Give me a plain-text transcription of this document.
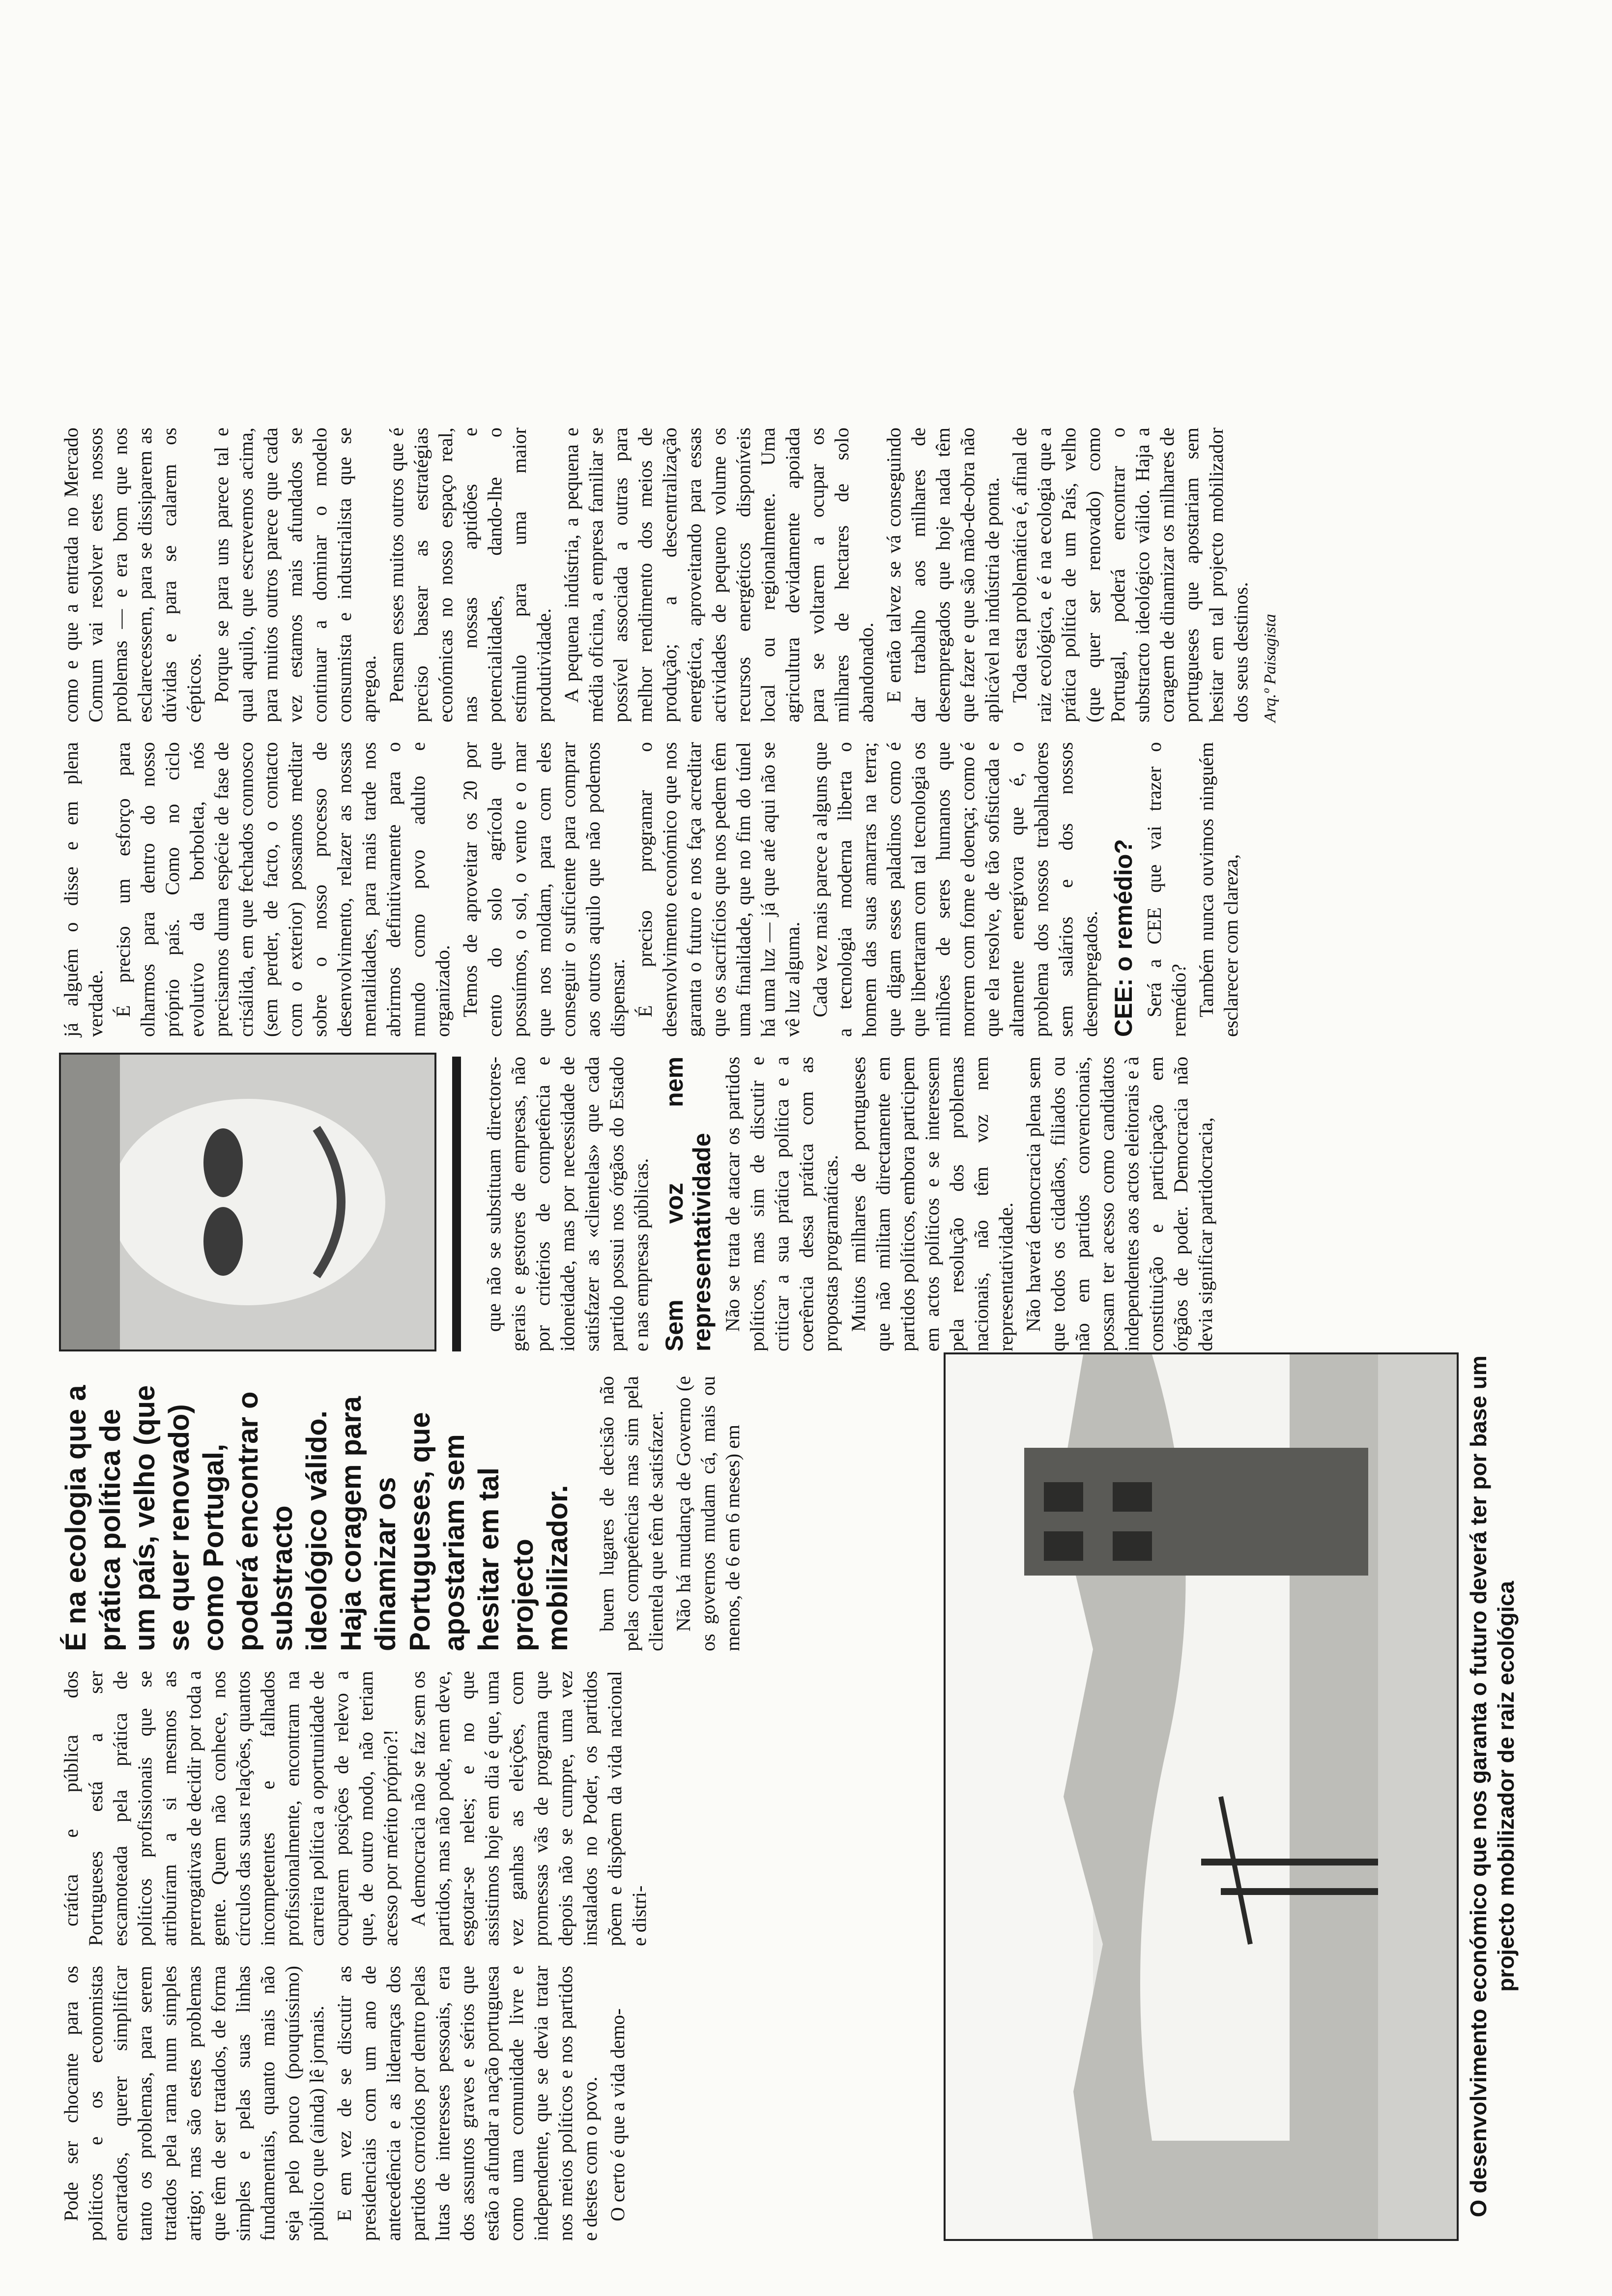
Pode ser chocante para os políticos e os economistas encartados, querer simplificar tanto os problemas, para serem tratados pela rama num simples artigo; mas são estes problemas que têm de ser tratados, de forma simples e pelas suas linhas fundamentais, quanto mais não seja pelo pouco (pouquíssimo) público que (ainda) lê jornais. E em vez de se discutir as presidenciais com um ano de antecedência e as lideranças dos partidos corroídos por dentro pelas lutas de interesses pessoais, era dos assuntos graves e sérios que estão a afundar a nação portuguesa como uma comunidade livre e independente, que se devia tratar nos meios políticos e nos partidos e destes com o povo. O certo é que a vida demo-

crática e pública dos Portugueses está a ser escamoteada pela prática de políticos profissionais que se atribuíram a si mesmos as prerrogativas de decidir por toda a gente. Quem não conhece, nos círculos das suas relações, quantos incompetentes e falhados profissionalmente, encontram na carreira política a oportunidade de ocuparem posições de relevo a que, de outro modo, não teriam acesso por mérito próprio?! A democracia não se faz sem os partidos, mas não pode, nem deve, esgotar-se neles; e no que assistimos hoje em dia é que, uma vez ganhas as eleições, com promessas vãs de programa que depois não se cumpre, uma vez instalados no Poder, os partidos põem e dispõem da vida nacional e distri-

É na ecologia que a prática política de um país, velho (que se quer renovado) como Portugal, poderá encontrar o substracto ideológico válido. Haja coragem para dinamizar os Portugueses, que apostariam sem hesitar em tal projecto mobilizador. buem lugares de decisão não pelas competências mas sim pela clientela que têm de satisfazer. Não há mudança de Governo (e os governos mudam cá, mais ou menos, de 6 em 6 meses) em

que não se substituam directores-gerais e gestores de empresas, não por critérios de competência e idoneidade, mas por necessidade de satisfazer as «clientelas» que cada partido possui nos órgãos do Estado e nas empresas públicas. Sem voz nem representatividade Não se trata de atacar os partidos políticos, mas sim de discutir e criticar a sua prática política e a coerência dessa prática com as propostas programáticas. Muitos milhares de portugueses que não militam directamente em partidos políticos, embora participem em actos políticos e se interessem pela resolução dos problemas nacionais, não têm voz nem representatividade. Não haverá democracia plena sem que todos os cidadãos, filiados ou não em partidos convencionais, possam ter acesso como candidatos independentes aos actos eleitorais e à constituição e participação em órgãos de poder. Democracia não devia significar partidocracia,

já alguém o disse e em plena verdade. É preciso um esforço para olharmos para dentro do nosso próprio país. Como no ciclo evolutivo da borboleta, nós precisamos duma espécie de fase de crisálida, em que fechados connosco (sem perder, de facto, o contacto com o exterior) possamos meditar sobre o nosso processo de desenvolvimento, relazer as nossas mentalidades, para mais tarde nos abrirmos definitivamente para o mundo como povo adulto e organizado. Temos de aproveitar os 20 por cento do solo agrícola que possuímos, o sol, o vento e o mar que nos moldam, para com eles conseguir o suficiente para comprar aos outros aquilo que não podemos dispensar. É preciso programar o desenvolvimento económico que nos garanta o futuro e nos faça acreditar que os sacrifícios que nos pedem têm uma finalidade, que no fim do túnel há uma luz — já que até aqui não se vê luz alguma. Cada vez mais parece a alguns que a tecnologia moderna liberta o homem das suas amarras na terra; que digam esses paladinos como é que libertaram com tal tecnologia os milhões de seres humanos que morrem com fome e doença; como é que ela resolve, de tão sofisticada e altamente energívora que é, o problema dos nossos trabalhadores sem salários e dos nossos desempregados. CEE: o remédio? Será a CEE que vai trazer o remédio? Também nunca ouvimos ninguém esclarecer com clareza,

como e que a entrada no Mercado Comum vai resolver estes nossos problemas — e era bom que nos esclarecessem, para se dissiparem as dúvidas e para se calarem os cépticos. Porque se para uns parece tal e qual aquilo, que escrevemos acima, para muitos outros parece que cada vez estamos mais afundados se continuar a dominar o modelo consumista e industrialista que se apregoa. Pensam esses muitos outros que é preciso basear as estratégias económicas no nosso espaço real, nas nossas aptidões e potencialidades, dando-lhe o estímulo para uma maior produtividade. A pequena indústria, a pequena e média oficina, a empresa familiar se possível associada a outras para melhor rendimento dos meios de produção; a descentralização energética, aproveitando para essas actividades de pequeno volume os recursos energéticos disponíveis local ou regionalmente. Uma agricultura devidamente apoiada para se voltarem a ocupar os milhares de hectares de solo abandonado. E então talvez se vá conseguindo dar trabalho aos milhares de desempregados que hoje nada têm que fazer e que são mão-de-obra não aplicável na indústria de ponta. Toda esta problemática é, afinal de raiz ecológica, e é na ecologia que a prática política de um País, velho (que quer ser renovado) como Portugal, poderá encontrar o substracto ideológico válido. Haja a coragem de dinamizar os milhares de portugueses que apostariam sem hesitar em tal projecto mobilizador dos seus destinos. Arq.º Paisagista
O desenvolvimento económico que nos garanta o futuro deverá ter por base um projecto mobilizador de raiz ecológica
